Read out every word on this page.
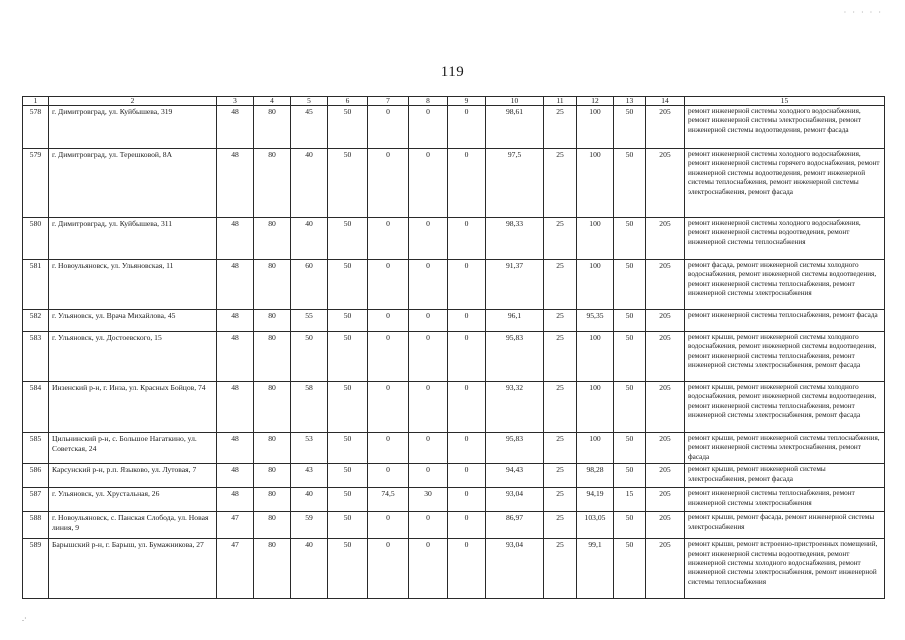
· · · · ·
119
1	2	3	4	5	6	7	8	9	10	11	12	13	14	15
578	г. Димитровград, ул. Куйбышева, 319	48	80	45	50	0	0	0	98,61	25	100	50	205	ремонт инженерной системы холодного водоснабжения, ремонт инженерной системы электроснабжения, ремонт инженерной системы водоотведения, ремонт фасада
579	г. Димитровград, ул. Терешковой, 8А	48	80	40	50	0	0	0	97,5	25	100	50	205	ремонт инженерной системы холодного водоснабжения, ремонт инженерной системы горячего водоснабжения, ремонт инженерной системы водоотведения, ремонт инженерной системы теплоснабжения, ремонт инженерной системы электроснабжения, ремонт фасада
580	г. Димитровград, ул. Куйбышева, 311	48	80	40	50	0	0	0	98,33	25	100	50	205	ремонт инженерной системы холодного водоснабжения, ремонт инженерной системы водоотведения, ремонт инженерной системы теплоснабжения
581	г. Новоульяновск, ул. Ульяновская, 11	48	80	60	50	0	0	0	91,37	25	100	50	205	ремонт фасада, ремонт инженерной системы холодного водоснабжения, ремонт инженерной системы водоотведения, ремонт инженерной системы теплоснабжения, ремонт инженерной системы электроснабжения
582	г. Ульяновск, ул. Врача Михайлова, 45	48	80	55	50	0	0	0	96,1	25	95,35	50	205	ремонт инженерной системы теплоснабжения, ремонт фасада
583	г. Ульяновск, ул. Достоевского, 15	48	80	50	50	0	0	0	95,83	25	100	50	205	ремонт крыши, ремонт инженерной системы холодного водоснабжения, ремонт инженерной системы водоотведения, ремонт инженерной системы теплоснабжения, ремонт инженерной системы электроснабжения, ремонт фасада
584	Инзенский р-н, г. Инза, ул. Красных Бойцов, 74	48	80	58	50	0	0	0	93,32	25	100	50	205	ремонт крыши, ремонт инженерной системы холодного водоснабжения, ремонт инженерной системы водоотведения, ремонт инженерной системы теплоснабжения, ремонт инженерной системы электроснабжения, ремонт фасада
585	Цильнинский р-н, с. Большое Нагаткино, ул. Советская, 24	48	80	53	50	0	0	0	95,83	25	100	50	205	ремонт крыши, ремонт инженерной системы теплоснабжения, ремонт инженерной системы электроснабжения, ремонт фасада
586	Карсунский р-н, р.п. Языково, ул. Лутовая, 7	48	80	43	50	0	0	0	94,43	25	98,28	50	205	ремонт крыши, ремонт инженерной системы электроснабжения, ремонт фасада
587	г. Ульяновск, ул. Хрустальная, 26	48	80	40	50	74,5	30	0	93,04	25	94,19	15	205	ремонт инженерной системы теплоснабжения, ремонт инженерной системы электроснабжения
588	г. Новоульяновск, с. Панская Слобода, ул. Новая линия, 9	47	80	59	50	0	0	0	86,97	25	103,05	50	205	ремонт крыши, ремонт фасада, ремонт инженерной системы электроснабжения
589	Барышский р-н, г. Барыш, ул. Бумажникова, 27	47	80	40	50	0	0	0	93,04	25	99,1	50	205	ремонт крыши, ремонт встроенно-пристроенных помещений, ремонт инженерной системы водоотведения, ремонт инженерной системы холодного водоснабжения, ремонт инженерной системы электроснабжения, ремонт инженерной системы теплоснабжения
.·
